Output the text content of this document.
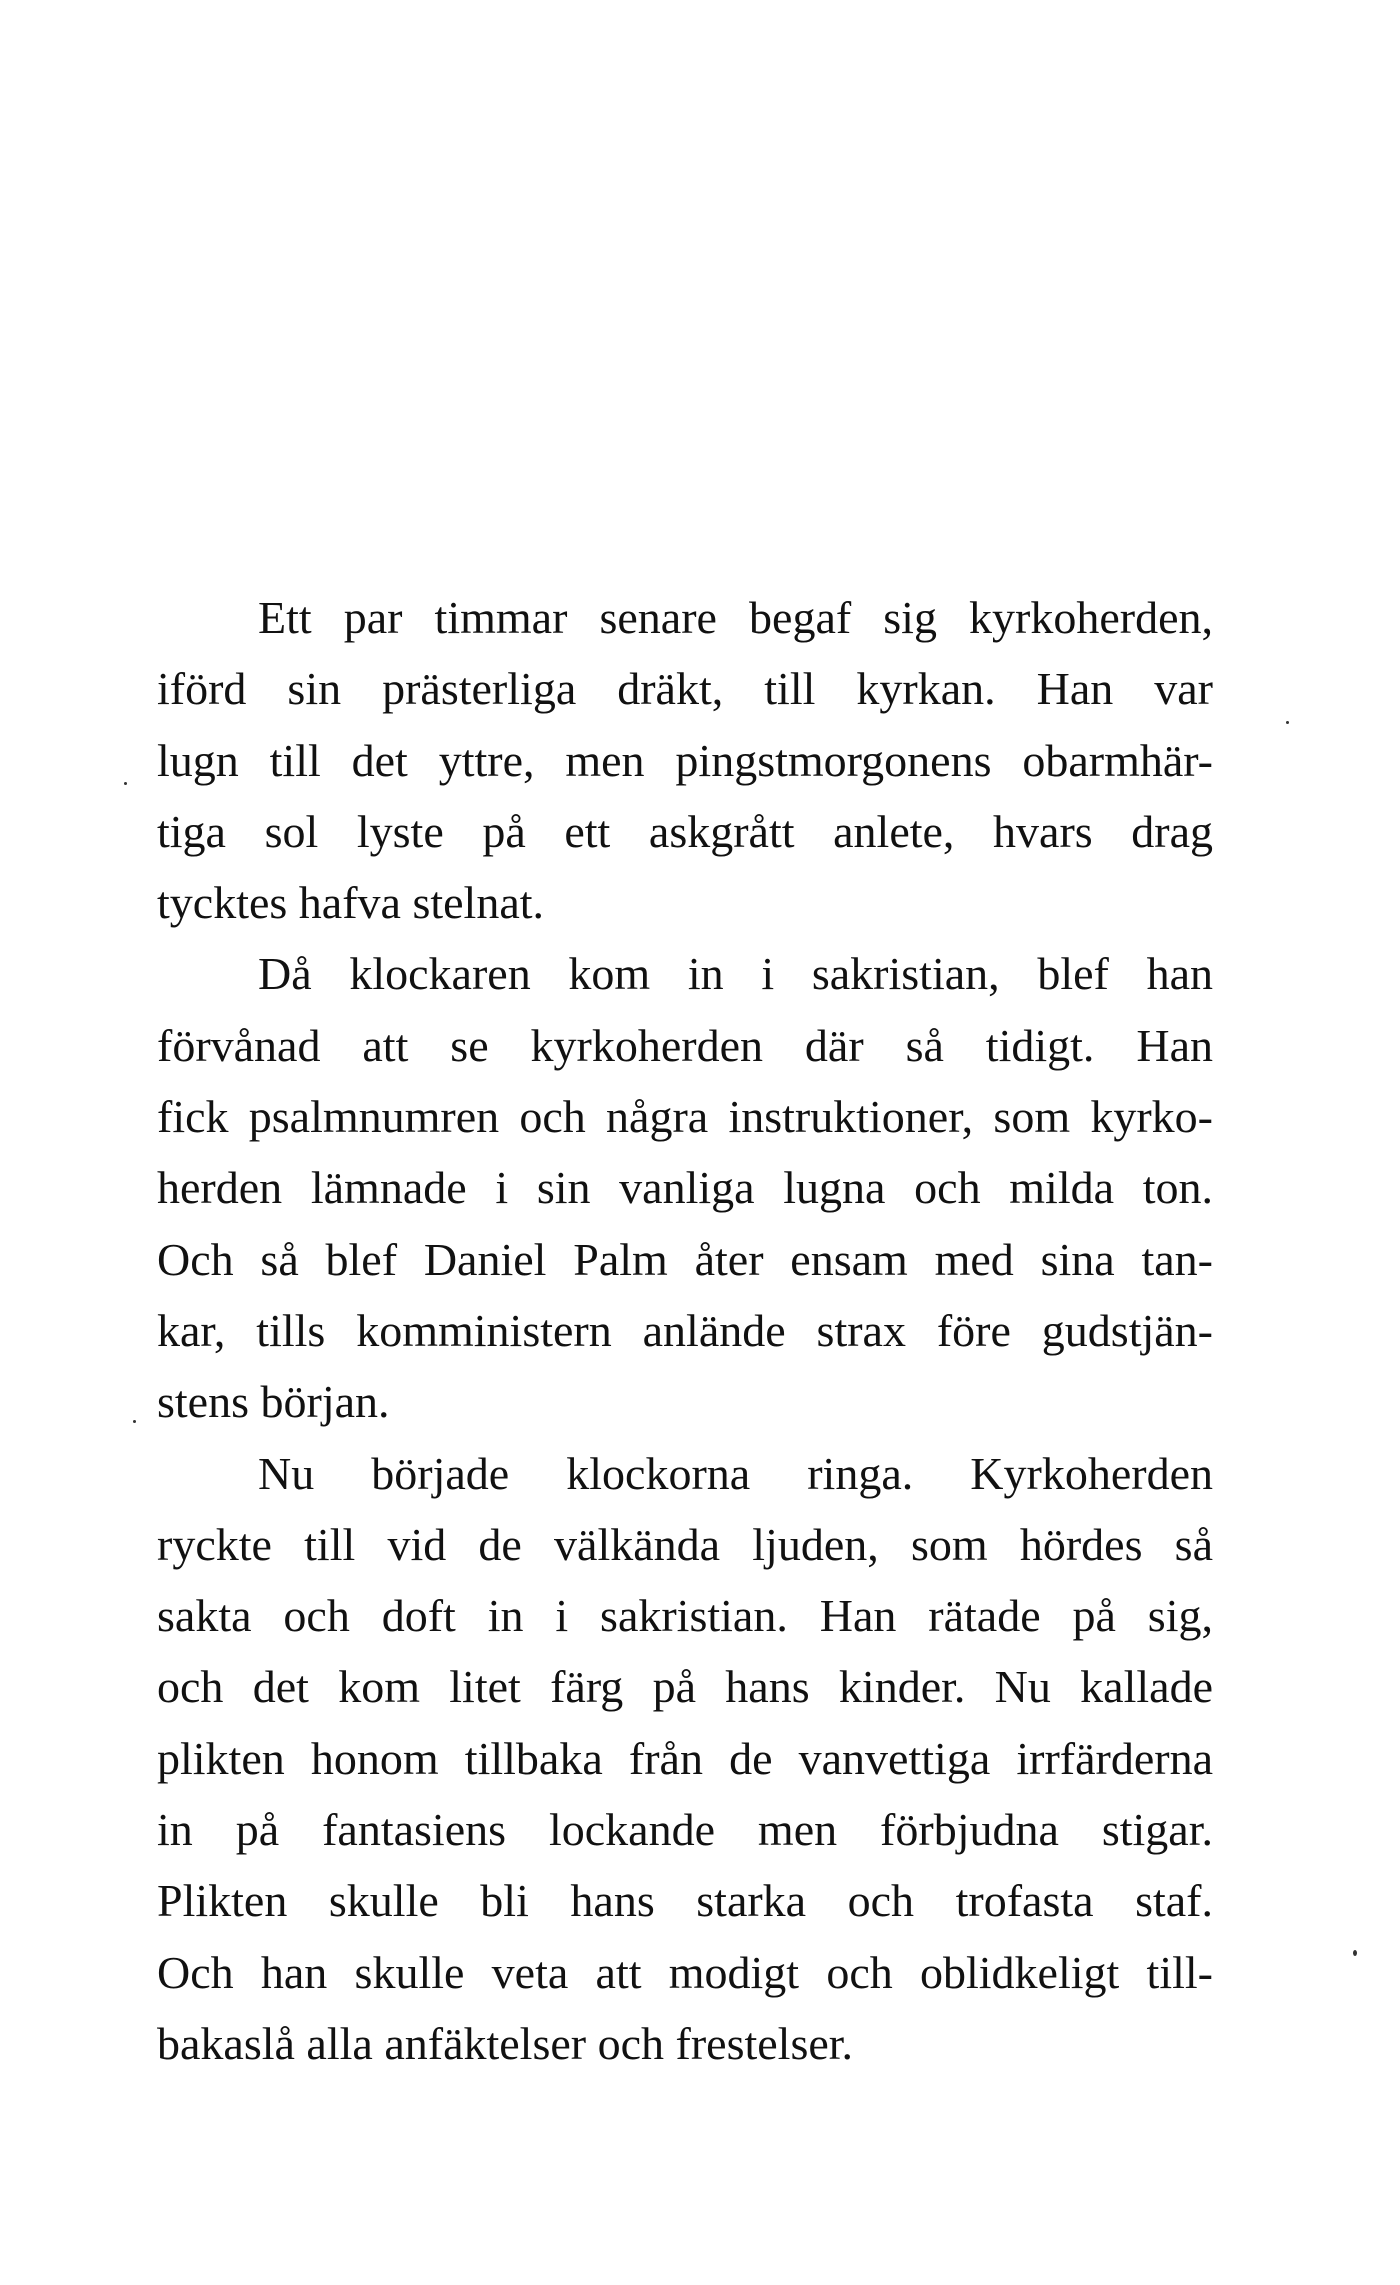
Ett par timmar senare begaf sig kyrkoherden,
iförd sin prästerliga dräkt, till kyrkan. Han var
lugn till det yttre, men pingstmorgonens obarmhär-
tiga sol lyste på ett askgrått anlete, hvars drag
tycktes hafva stelnat.
Då klockaren kom in i sakristian, blef han
förvånad att se kyrkoherden där så tidigt. Han
fick psalmnumren och några instruktioner, som kyrko-
herden lämnade i sin vanliga lugna och milda ton.
Och så blef Daniel Palm åter ensam med sina tan-
kar, tills komministern anlände strax före gudstjän-
stens början.
Nu började klockorna ringa. Kyrkoherden
ryckte till vid de välkända ljuden, som hördes så
sakta och doft in i sakristian. Han rätade på sig,
och det kom litet färg på hans kinder. Nu kallade
plikten honom tillbaka från de vanvettiga irrfärderna
in på fantasiens lockande men förbjudna stigar.
Plikten skulle bli hans starka och trofasta staf.
Och han skulle veta att modigt och oblidkeligt till-
bakaslå alla anfäktelser och frestelser.
